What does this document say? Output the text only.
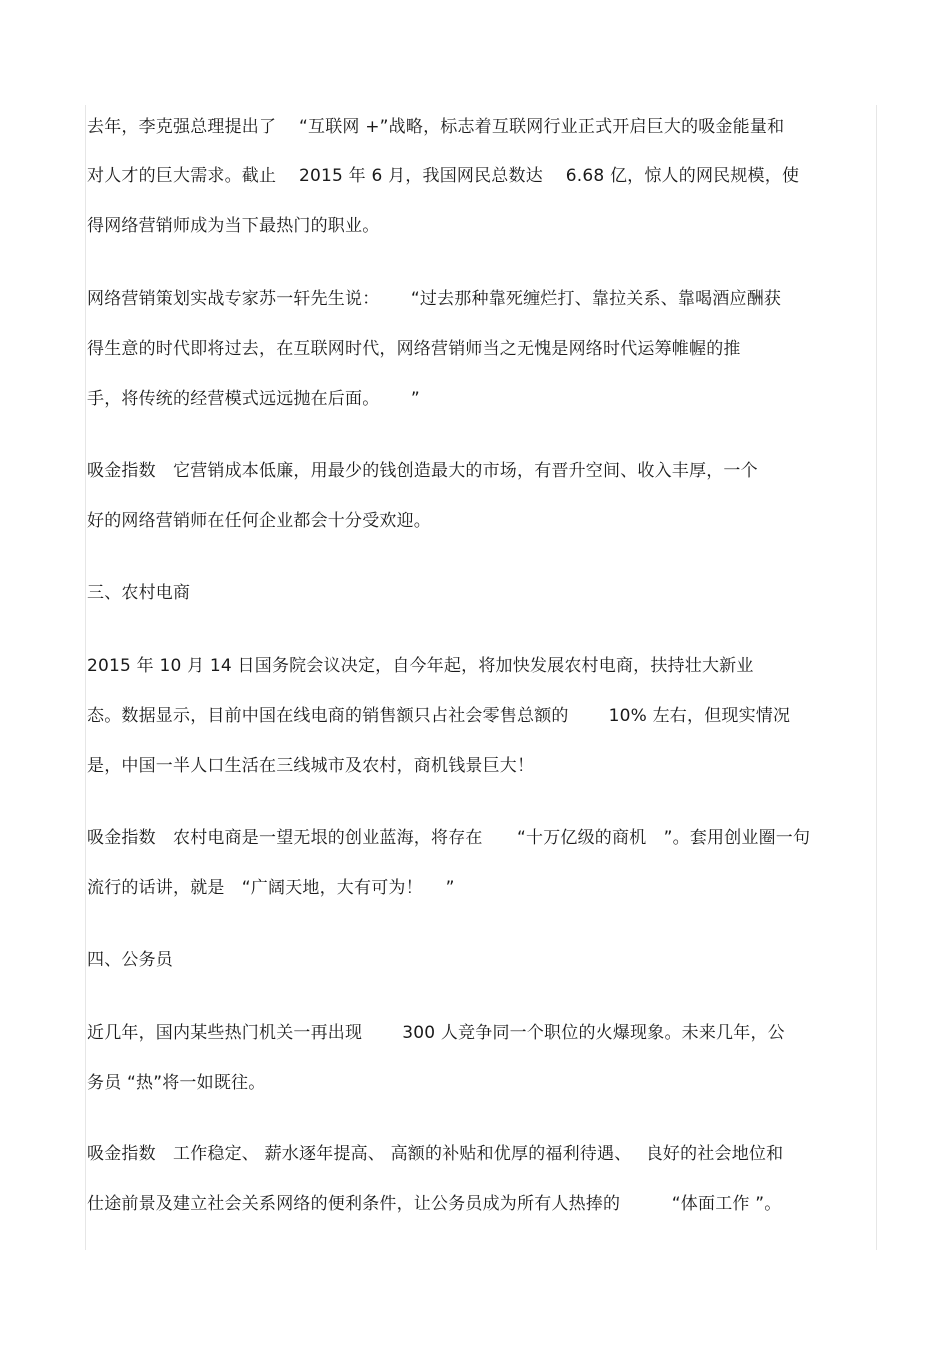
去年，李克强总理提出了　 “互联网 +”战略，标志着互联网行业正式开启巨大的吸金能量和
对人才的巨大需求。截止　 2015 年 6 月，我国网民总数达　 6.68 亿，惊人的网民规模，使
得网络营销师成为当下最热门的职业。
网络营销策划实战专家苏一轩先生说：　　 “过去那种靠死缠烂打、靠拉关系、靠喝酒应酬获
得生意的时代即将过去，在互联网时代，网络营销师当之无愧是网络时代运筹帷幄的推
手，将传统的经营模式远远抛在后面。　　 ”
吸金指数　它营销成本低廉，用最少的钱创造最大的市场，有晋升空间、收入丰厚，一个
好的网络营销师在任何企业都会十分受欢迎。
三、农村电商
2015 年 10 月 14 日国务院会议决定，自今年起，将加快发展农村电商，扶持壮大新业
态。数据显示，目前中国在线电商的销售额只占社会零售总额的　　 10% 左右，但现实情况
是，中国一半人口生活在三线城市及农村，商机钱景巨大！
吸金指数　农村电商是一望无垠的创业蓝海，将存在　　“十万亿级的商机　”。套用创业圈一句
流行的话讲，就是　“广阔天地，大有可为！　 ”
四、公务员
近几年，国内某些热门机关一再出现　　 300 人竞争同一个职位的火爆现象。未来几年，公
务员 “热”将一如既往。
吸金指数　工作稳定、 薪水逐年提高、 高额的补贴和优厚的福利待遇、　 良好的社会地位和
仕途前景及建立社会关系网络的便利条件，让公务员成为所有人热捧的　　　“体面工作 ”。
